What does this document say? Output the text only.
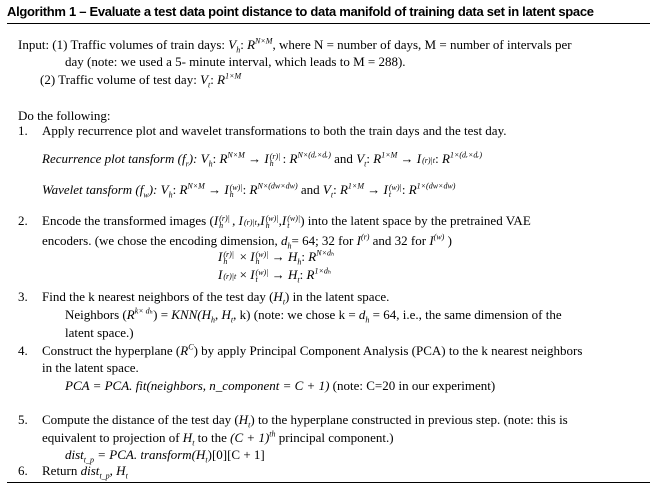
Algorithm 1 – Evaluate a test data point distance to data manifold of training data set in latent space
Input: (1) Traffic volumes of train days: $V_h$: $R^{N\times M}$, where N = number of days, M = number of intervals per
day (note: we used a 5- minute interval, which leads to M = 288).
(2) Traffic volume of test day: $V_t$: $R^{1\times M}$
Do the following:
1. Apply recurrence plot and wavelet transformations to both the train days and the test day.
Recurrence plot tansform $(f_r)$: $V_h$: $R^{N\times M} \to I(r)|h$ : $R^{N\times(dᵣ\times dᵣ)}$ and $V_t$: $R^{1\times M} \to I(r)|t$: $R^{1\times(dᵣ\times dᵣ)}$
Wavelet tansform $(f_w)$: $V_h$: $R^{N\times M} \to I(w)|h$ : $R^{N\times(dw\times dw)}$ and $V_t$: $R^{1\times M} \to I(w)|t$ : $R^{1\times(dw\times dw)}$
2. Encode the transformed images (I(r)|h , I(r)|t,I(w)|h ,I(w)|t ) into the latent space by the pretrained VAE
encoders. (we chose the encoding dimension, $d_h= 64$; 32 for $I^{(r)}$ and 32 for $I^{(w)}$ )
$I(r)|h \times I(w)|h \to H_h$: $R^{N\times d_h}$
$I(r)|t \times I(w)|t \to H_t$: $R^{1\times d_h}$
3. Find the k nearest neighbors of the test day $(H_t)$ in the latent space.
Neighbors $(R^{k\times d_h}) = KNN(H_h$, $H_t$, k) (note: we chose $k = d_h = 64$, i.e., the same dimension of the
latent space.)
4. Construct the hyperplane $(R^C)$ by apply Principal Component Analysis (PCA) to the k nearest neighbors
in the latent space.
PCA = PCA. fit(neighbors, n_component = C + 1) (note: C=20 in our experiment)
5. Compute the distance of the test day $(H_t)$ to the hyperplane constructed in previous step. (note: this is
equivalent to projection of $H_t$ to the $(C + 1)^{th}$ principal component.)
dist$_{t\_p}$ = PCA. $transform(H_t)[0][C + 1]$
6. Return dist$_{t\_p}$, $H_t$
